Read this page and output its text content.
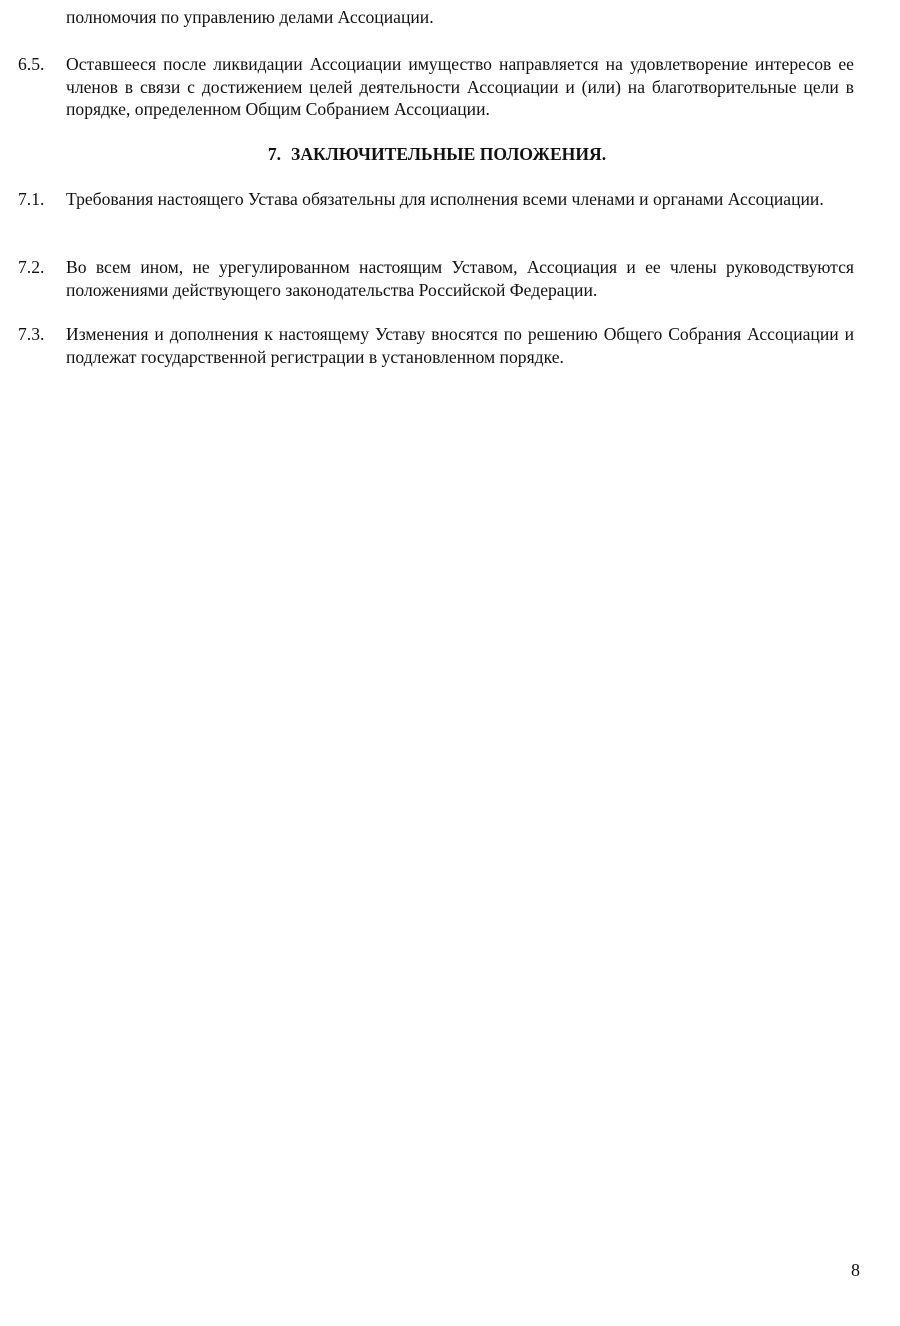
полномочия по управлению делами Ассоциации.
6.5. Оставшееся после ликвидации Ассоциации имущество направляется на удовлетворение интересов ее членов в связи с достижением целей деятельности Ассоциации и (или) на благотворительные цели в порядке, определенном Общим Собранием Ассоциации.
7. ЗАКЛЮЧИТЕЛЬНЫЕ ПОЛОЖЕНИЯ.
7.1. Требования настоящего Устава обязательны для исполнения всеми членами и органами Ассоциации.
7.2. Во всем ином, не урегулированном настоящим Уставом, Ассоциация и ее члены руководствуются положениями действующего законодательства Российской Федерации.
7.3. Изменения и дополнения к настоящему Уставу вносятся по решению Общего Собрания Ассоциации и подлежат государственной регистрации в установленном порядке.
8
